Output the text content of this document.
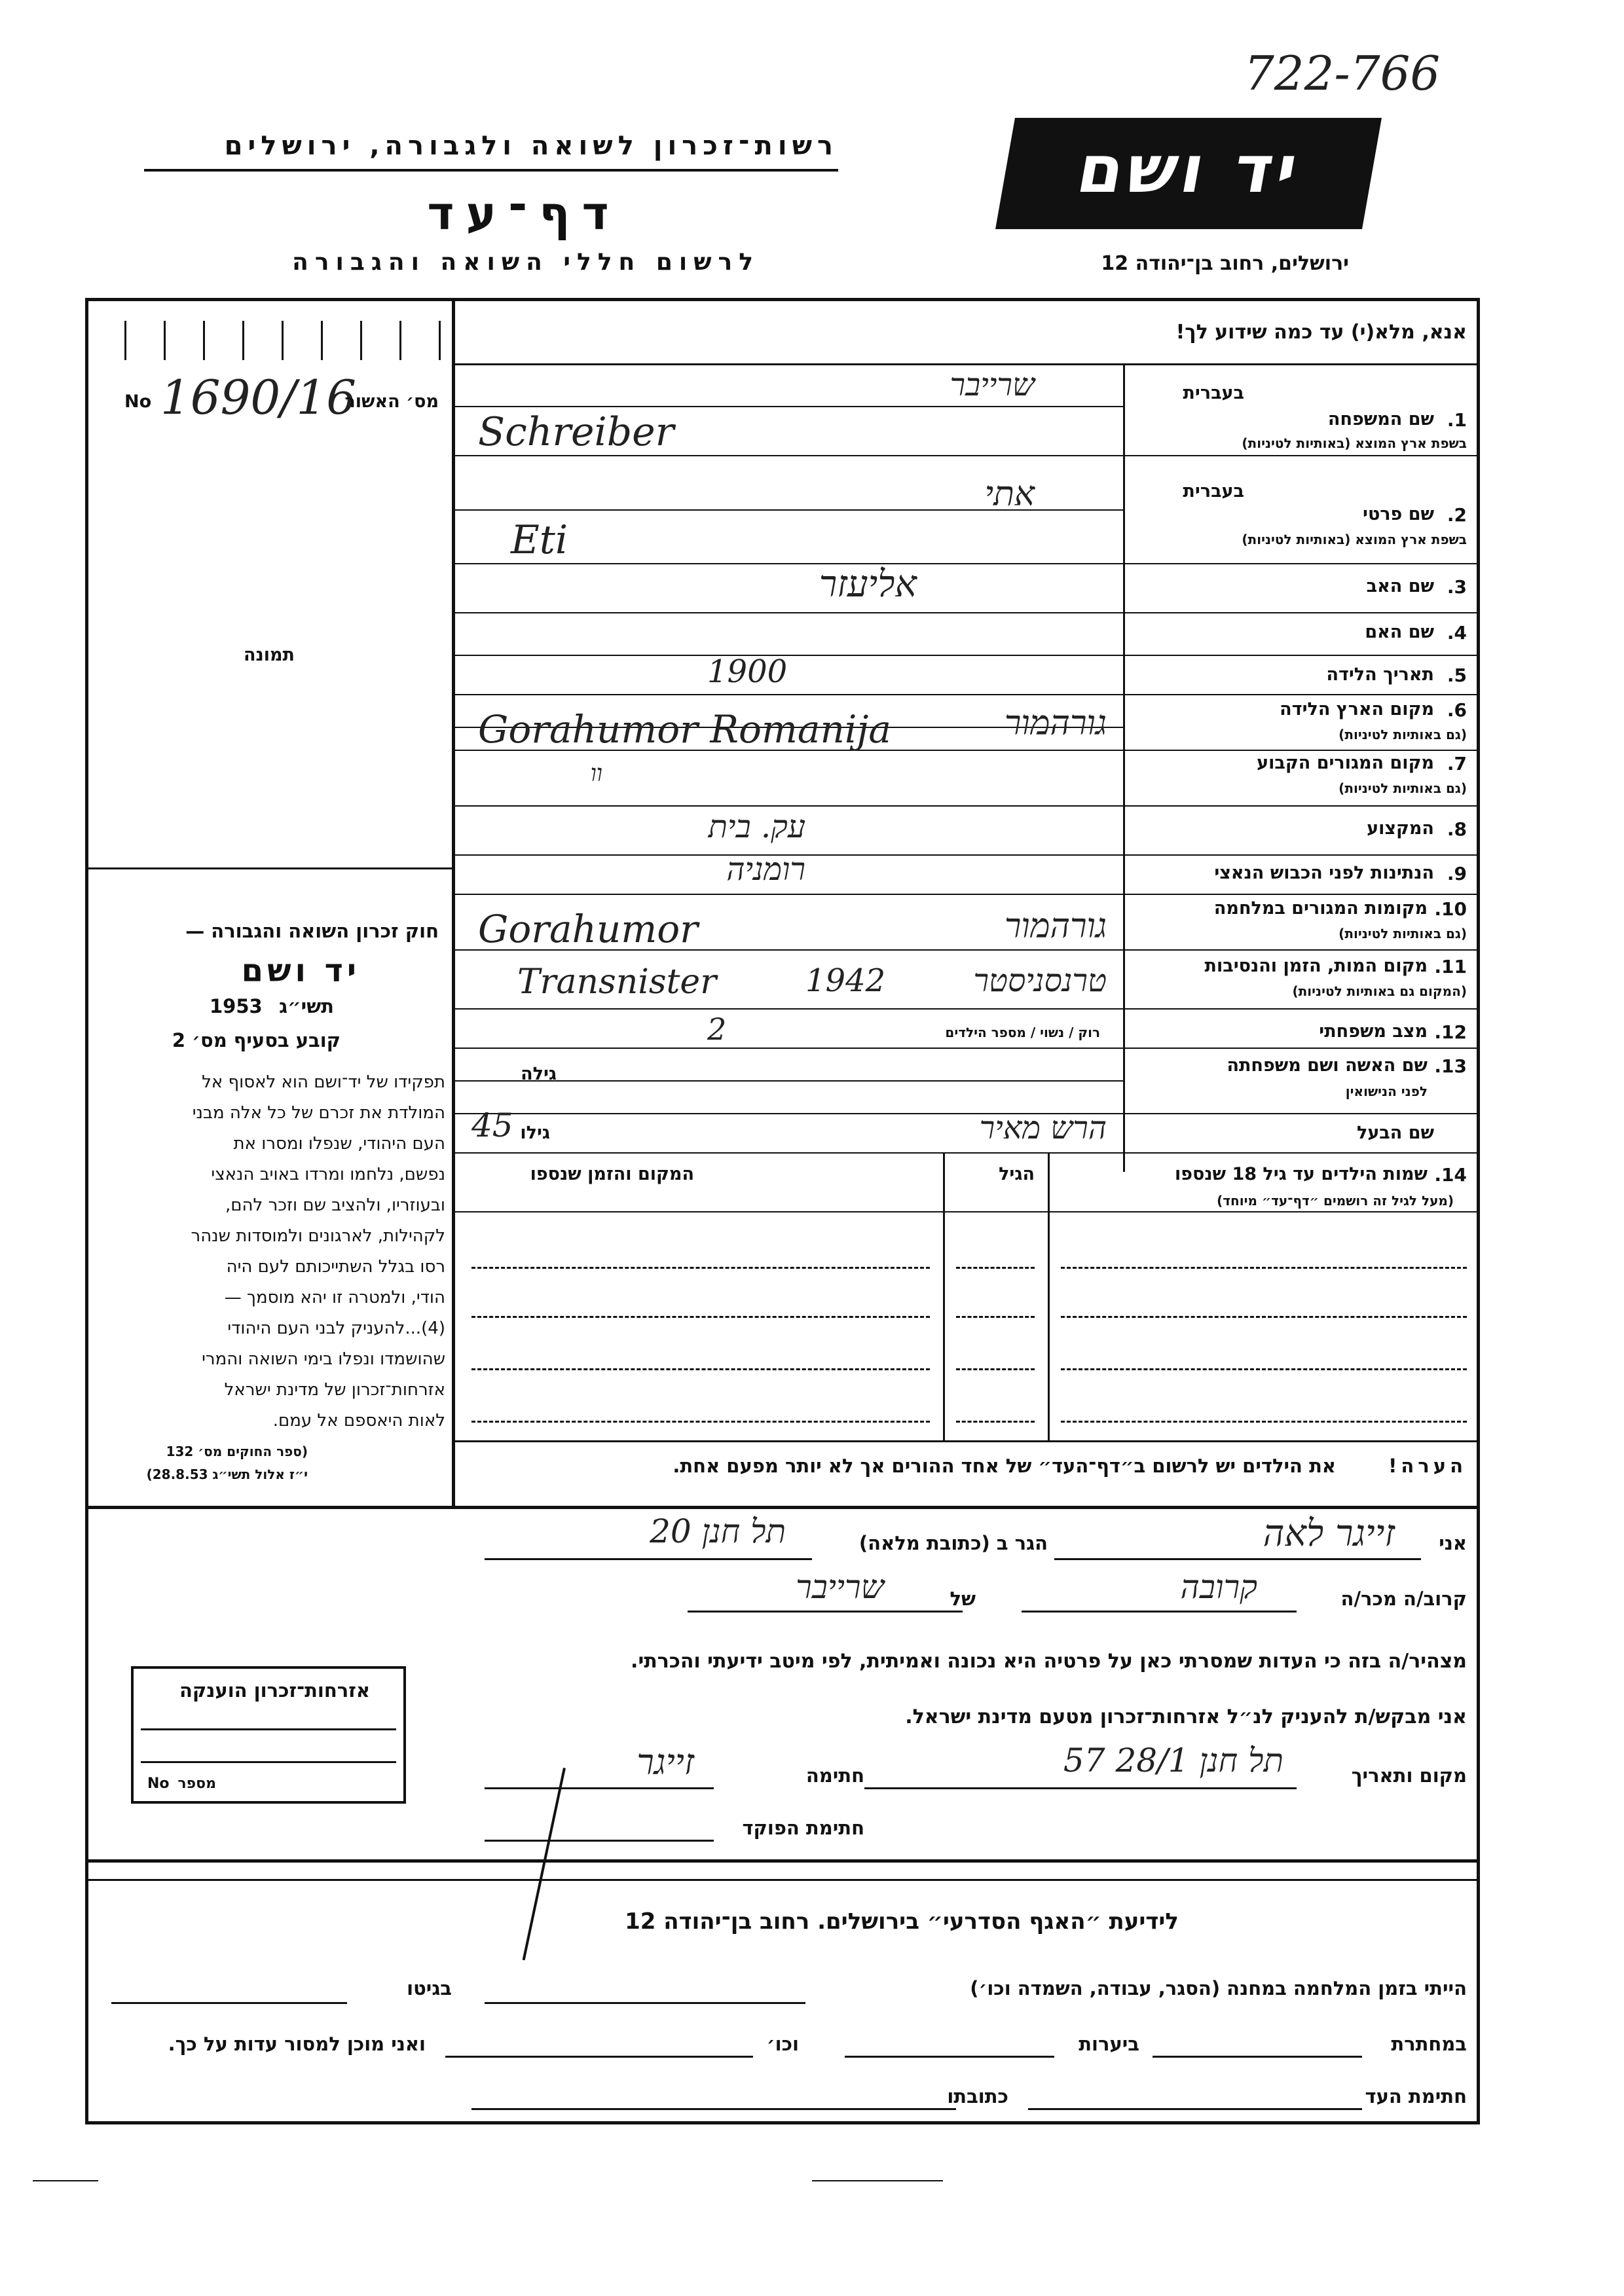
722-766
רשות־זכרון לשואה ולגבורה, ירושלים
דף־עד
לרשום חללי השואה והגבורה
יד ושם
ירושלים, רחוב בן־יהודה 12
אנא, מלא(י) עד כמה שידוע לך!
No 1690/16
מס׳ האשור
תמונה
חוק זכרון השואה והגבורה —
יד ושם
1953 תשי״ג
קובע בסעיף מס׳ 2
תפקידו של יד־ושם הוא לאסוף אל
המולדת את זכרם של כל אלה מבני
העם היהודי, שנפלו ומסרו את
נפשם, נלחמו ומרדו באויב הנאצי
ובעוזריו, ולהציב שם וזכר להם,
לקהילות, לארגונים ולמוסדות שנהר
רסו בגלל השתייכותם לעם היה
הודי, ולמטרה זו יהא מוסמך —
(4)...להעניק לבני העם היהודי
שהושמדו ונפלו בימי השואה והמרי
אזרחות־זכרון של מדינת ישראל
לאות היאספם אל עמם.
(ספר החוקים מס׳ 132
י״ז אלול תשי״ג 28.8.53)
אזרחות־זכרון הוענקה
מספר
No
בעברית
1.
שם המשפחה
בשפת ארץ המוצא (באותיות לטיניות)
שרייבר
Schreiber
בעברית
2.
שם פרטי
בשפת ארץ המוצא (באותיות לטיניות)
אתי
Eti
3.
שם האב
אליעזר
4.
שם האם
5.
תאריך הלידה
1900
6.
מקום הארץ הלידה
(גם באותיות לטיניות)
Gorahumor Romanija	גורהמור
7.
מקום המגורים הקבוע
(גם באותיות לטיניות)
וו
8.
המקצוע
עק. בית
9.
הנתינות לפני הכבוש הנאצי
רומניה
10.
מקומות המגורים במלחמה
(גם באותיות לטיניות)
Gorahumor	גורהמור
11.
מקום המות, הזמן והנסיבות
(המקום גם באותיות לטיניות)
Transnister	1942	טרנסניסטר
12.
מצב משפחתי
רוק / נשוי / מספר הילדים
2
13.
שם האשה ושם משפחתה
לפני הנישואין
גילה
שם הבעל
גילו
45	הרש מאיר
14.
שמות הילדים עד גיל 18 שנספו
(מעל לגיל זה רושמים ״דף־עד״ מיוחד)
הגיל
המקום והזמן שנספו
הערה!
את הילדים יש לרשום ב״דף־העד״ של אחד ההורים אך לא יותר מפעם אחת.
אני
זייגר לאה
הגר ב (כתובת מלאה)
תל חנן 20
קרוב/ה מכר/ה
קרובה
של
שרייבר
מצהיר/ה בזה כי העדות שמסרתי כאן על פרטיה היא נכונה ואמיתית, לפי מיטב ידיעתי והכרתי.
אני מבקש/ת להעניק לנ״ל אזרחות־זכרון מטעם מדינת ישראל.
מקום ותאריך
תל חנן 28/1 57
חתימה
זייגר
חתימת הפוקד
לידיעת ״האגף הסדרעי״ בירושלים. רחוב בן־יהודה 12
הייתי בזמן המלחמה במחנה (הסגר, עבודה, השמדה וכו׳)
בגיטו
במחתרת
ביערות
וכו׳
ואני מוכן למסור עדות על כך.
חתימת העד
כתובתו
